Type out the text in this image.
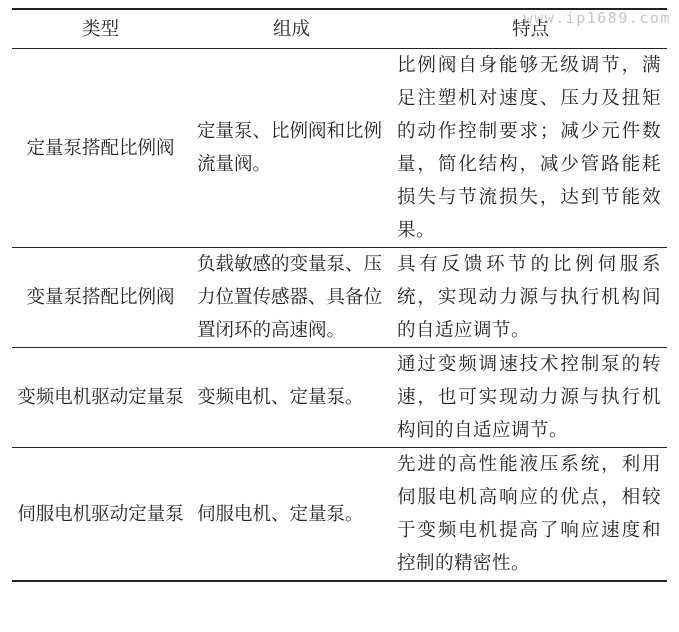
www.ip1689.com
类型	组成	特点
定量泵搭配比例阀	定量泵、比例阀和比例流量阀。	比例阀自身能够无级调节，满足注塑机对速度、压力及扭矩的动作控制要求；减少元件数量，简化结构，减少管路能耗损失与节流损失，达到节能效果。
变量泵搭配比例阀	负载敏感的变量泵、压力位置传感器、具备位置闭环的高速阀。	具有反馈环节的比例伺服系统，实现动力源与执行机构间的自适应调节。
变频电机驱动定量泵	变频电机、定量泵。	通过变频调速技术控制泵的转速，也可实现动力源与执行机构间的自适应调节。
伺服电机驱动定量泵	伺服电机、定量泵。	先进的高性能液压系统，利用伺服电机高响应的优点，相较于变频电机提高了响应速度和控制的精密性。
